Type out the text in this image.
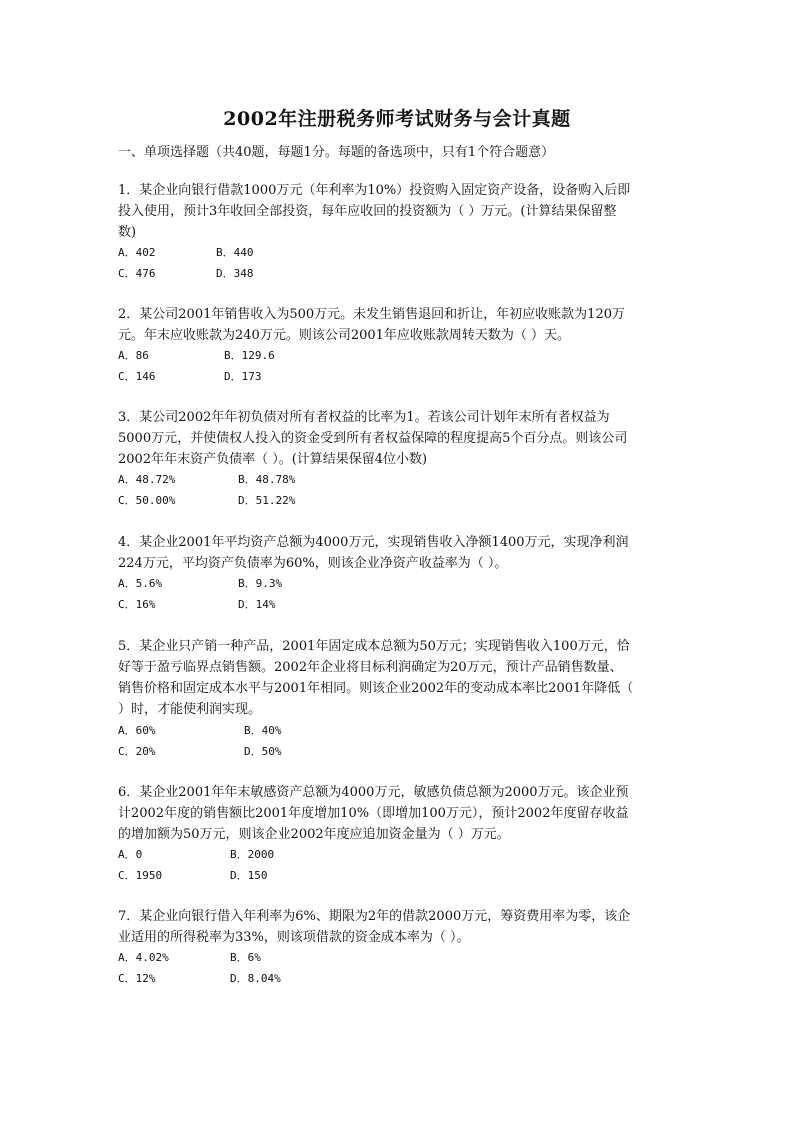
2002年注册税务师考试财务与会计真题
一、单项选择题（共40题，每题1分。每题的备选项中，只有1个符合题意）
1．某企业向银行借款1000万元（年利率为10%）投资购入固定资产设备，设备购入后即
投入使用，预计3年收回全部投资，每年应收回的投资额为（ ）万元。(计算结果保留整
数)
A．402	B．440
C．476	D．348
2．某公司2001年销售收入为500万元。未发生销售退回和折让，年初应收账款为120万
元。年末应收账款为240万元。则该公司2001年应收账款周转天数为（ ）天。
A．86	B．129.6
C．146	D．173
3．某公司2002年年初负债对所有者权益的比率为1。若该公司计划年末所有者权益为
5000万元，并使债权人投入的资金受到所有者权益保障的程度提高5个百分点。则该公司
2002年年末资产负债率（ ）。(计算结果保留4位小数)
A．48.72%	B．48.78%
C．50.00%	D．51.22%
4．某企业2001年平均资产总额为4000万元，实现销售收入净额1400万元，实现净利润
224万元，平均资产负债率为60%，则该企业净资产收益率为（ ）。
A．5.6%	B．9.3%
C．16%	D．14%
5．某企业只产销一种产品，2001年固定成本总额为50万元；实现销售收入100万元，恰
好等于盈亏临界点销售额。2002年企业将目标利润确定为20万元，预计产品销售数量、
销售价格和固定成本水平与2001年相同。则该企业2002年的变动成本率比2001年降低（
）时，才能使利润实现。
A．60%	B．40%
C．20%	D．50%
6．某企业2001年年末敏感资产总额为4000万元，敏感负债总额为2000万元。该企业预
计2002年度的销售额比2001年度增加10%（即增加100万元），预计2002年度留存收益
的增加额为50万元，则该企业2002年度应追加资金量为（ ）万元。
A．0	B．2000
C．1950	D．150
7．某企业向银行借入年利率为6%、期限为2年的借款2000万元，筹资费用率为零，该企
业适用的所得税率为33%，则该项借款的资金成本率为（ ）。
A．4.02%	B．6%
C．12%	D．8.04%
